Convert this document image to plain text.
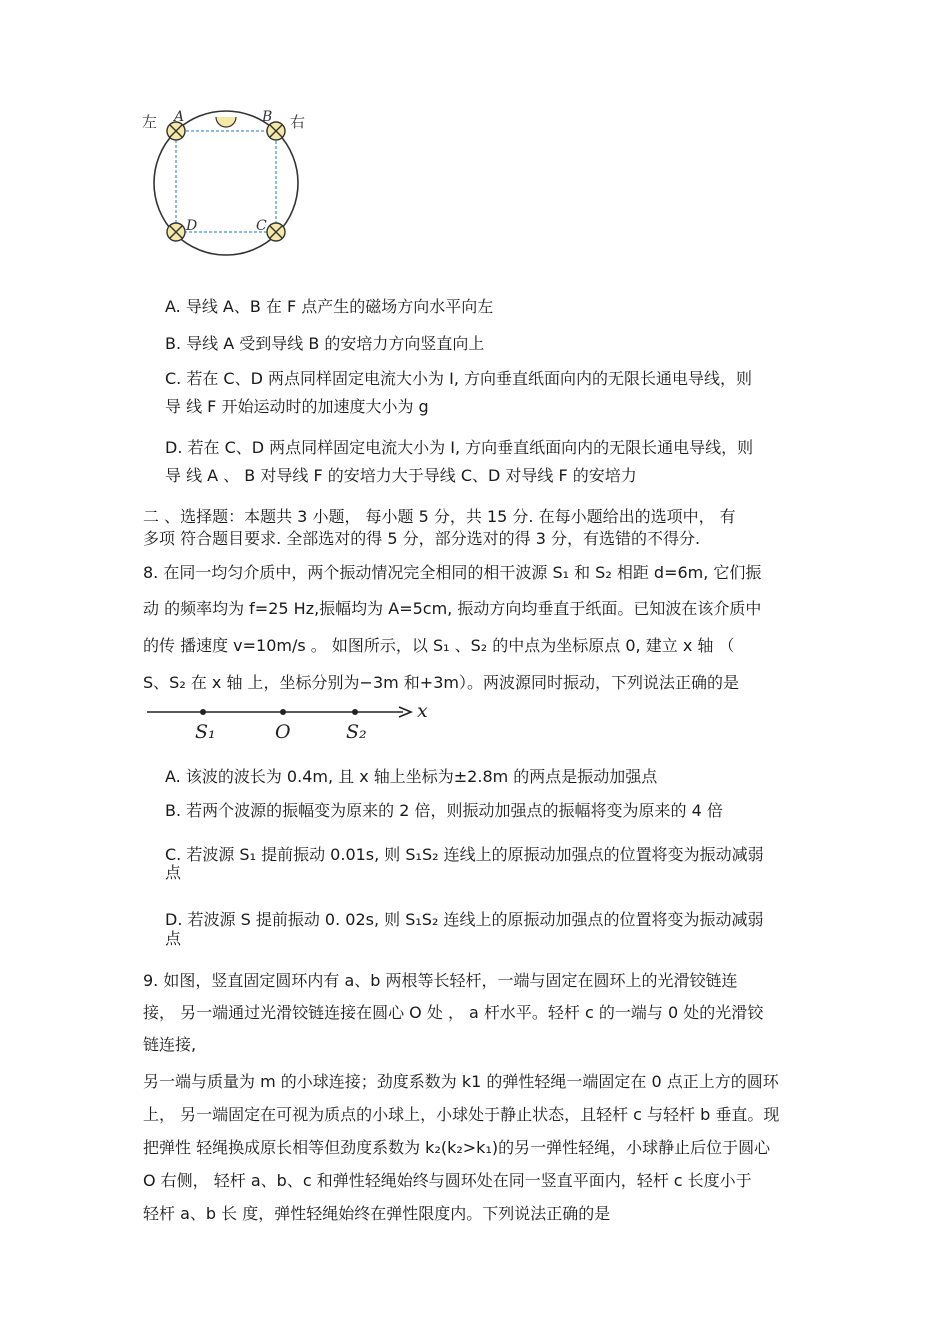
左	右
A	B
C
D
A. 导线 A、B 在 F 点产生的磁场方向水平向左
B. 导线 A 受到导线 B 的安培力方向竖直向上
C. 若在 C、D 两点同样固定电流大小为 I, 方向垂直纸面向内的无限长通电导线，则
导 线 F 开始运动时的加速度大小为 g
D. 若在 C、D 两点同样固定电流大小为 I, 方向垂直纸面向内的无限长通电导线，则
导 线 A 、 B 对导线 F 的安培力大于导线 C、D 对导线 F 的安培力
二 、选择题：本题共 3 小题， 每小题 5 分，共 15 分. 在每小题给出的选项中， 有
多项 符合题目要求. 全部选对的得 5 分，部分选对的得 3 分，有选错的不得分.
8. 在同一均匀介质中，两个振动情况完全相同的相干波源 S₁ 和 S₂ 相距 d=6m, 它们振
动 的频率均为 f=25 Hz,振幅均为 A=5cm, 振动方向均垂直于纸面。已知波在该介质中
的传 播速度 v=10m/s 。 如图所示，以 S₁ 、S₂ 的中点为坐标原点 0, 建立 x 轴 （
S、S₂ 在 x 轴 上，坐标分别为−3m 和+3m）。两波源同时振动，下列说法正确的是
x
S₁	O	S₂
A. 该波的波长为 0.4m, 且 x 轴上坐标为±2.8m 的两点是振动加强点
B. 若两个波源的振幅变为原来的 2 倍，则振动加强点的振幅将变为原来的 4 倍
C. 若波源 S₁ 提前振动 0.01s, 则 S₁S₂ 连线上的原振动加强点的位置将变为振动减弱
点
D. 若波源 S 提前振动 0. 02s, 则 S₁S₂ 连线上的原振动加强点的位置将变为振动减弱
点
9. 如图，竖直固定圆环内有 a、b 两根等长轻杆，一端与固定在圆环上的光滑铰链连
接， 另一端通过光滑铰链连接在圆心 O 处 ， a 杆水平。轻杆 c 的一端与 0 处的光滑铰
链连接,
另一端与质量为 m 的小球连接；劲度系数为 k1 的弹性轻绳一端固定在 0 点正上方的圆环
上， 另一端固定在可视为质点的小球上，小球处于静止状态，且轻杆 c 与轻杆 b 垂直。现
把弹性 轻绳换成原长相等但劲度系数为 k₂(k₂>k₁)的另一弹性轻绳，小球静止后位于圆心
O 右侧， 轻杆 a、b、c 和弹性轻绳始终与圆环处在同一竖直平面内，轻杆 c 长度小于
轻杆 a、b 长 度，弹性轻绳始终在弹性限度内。下列说法正确的是
